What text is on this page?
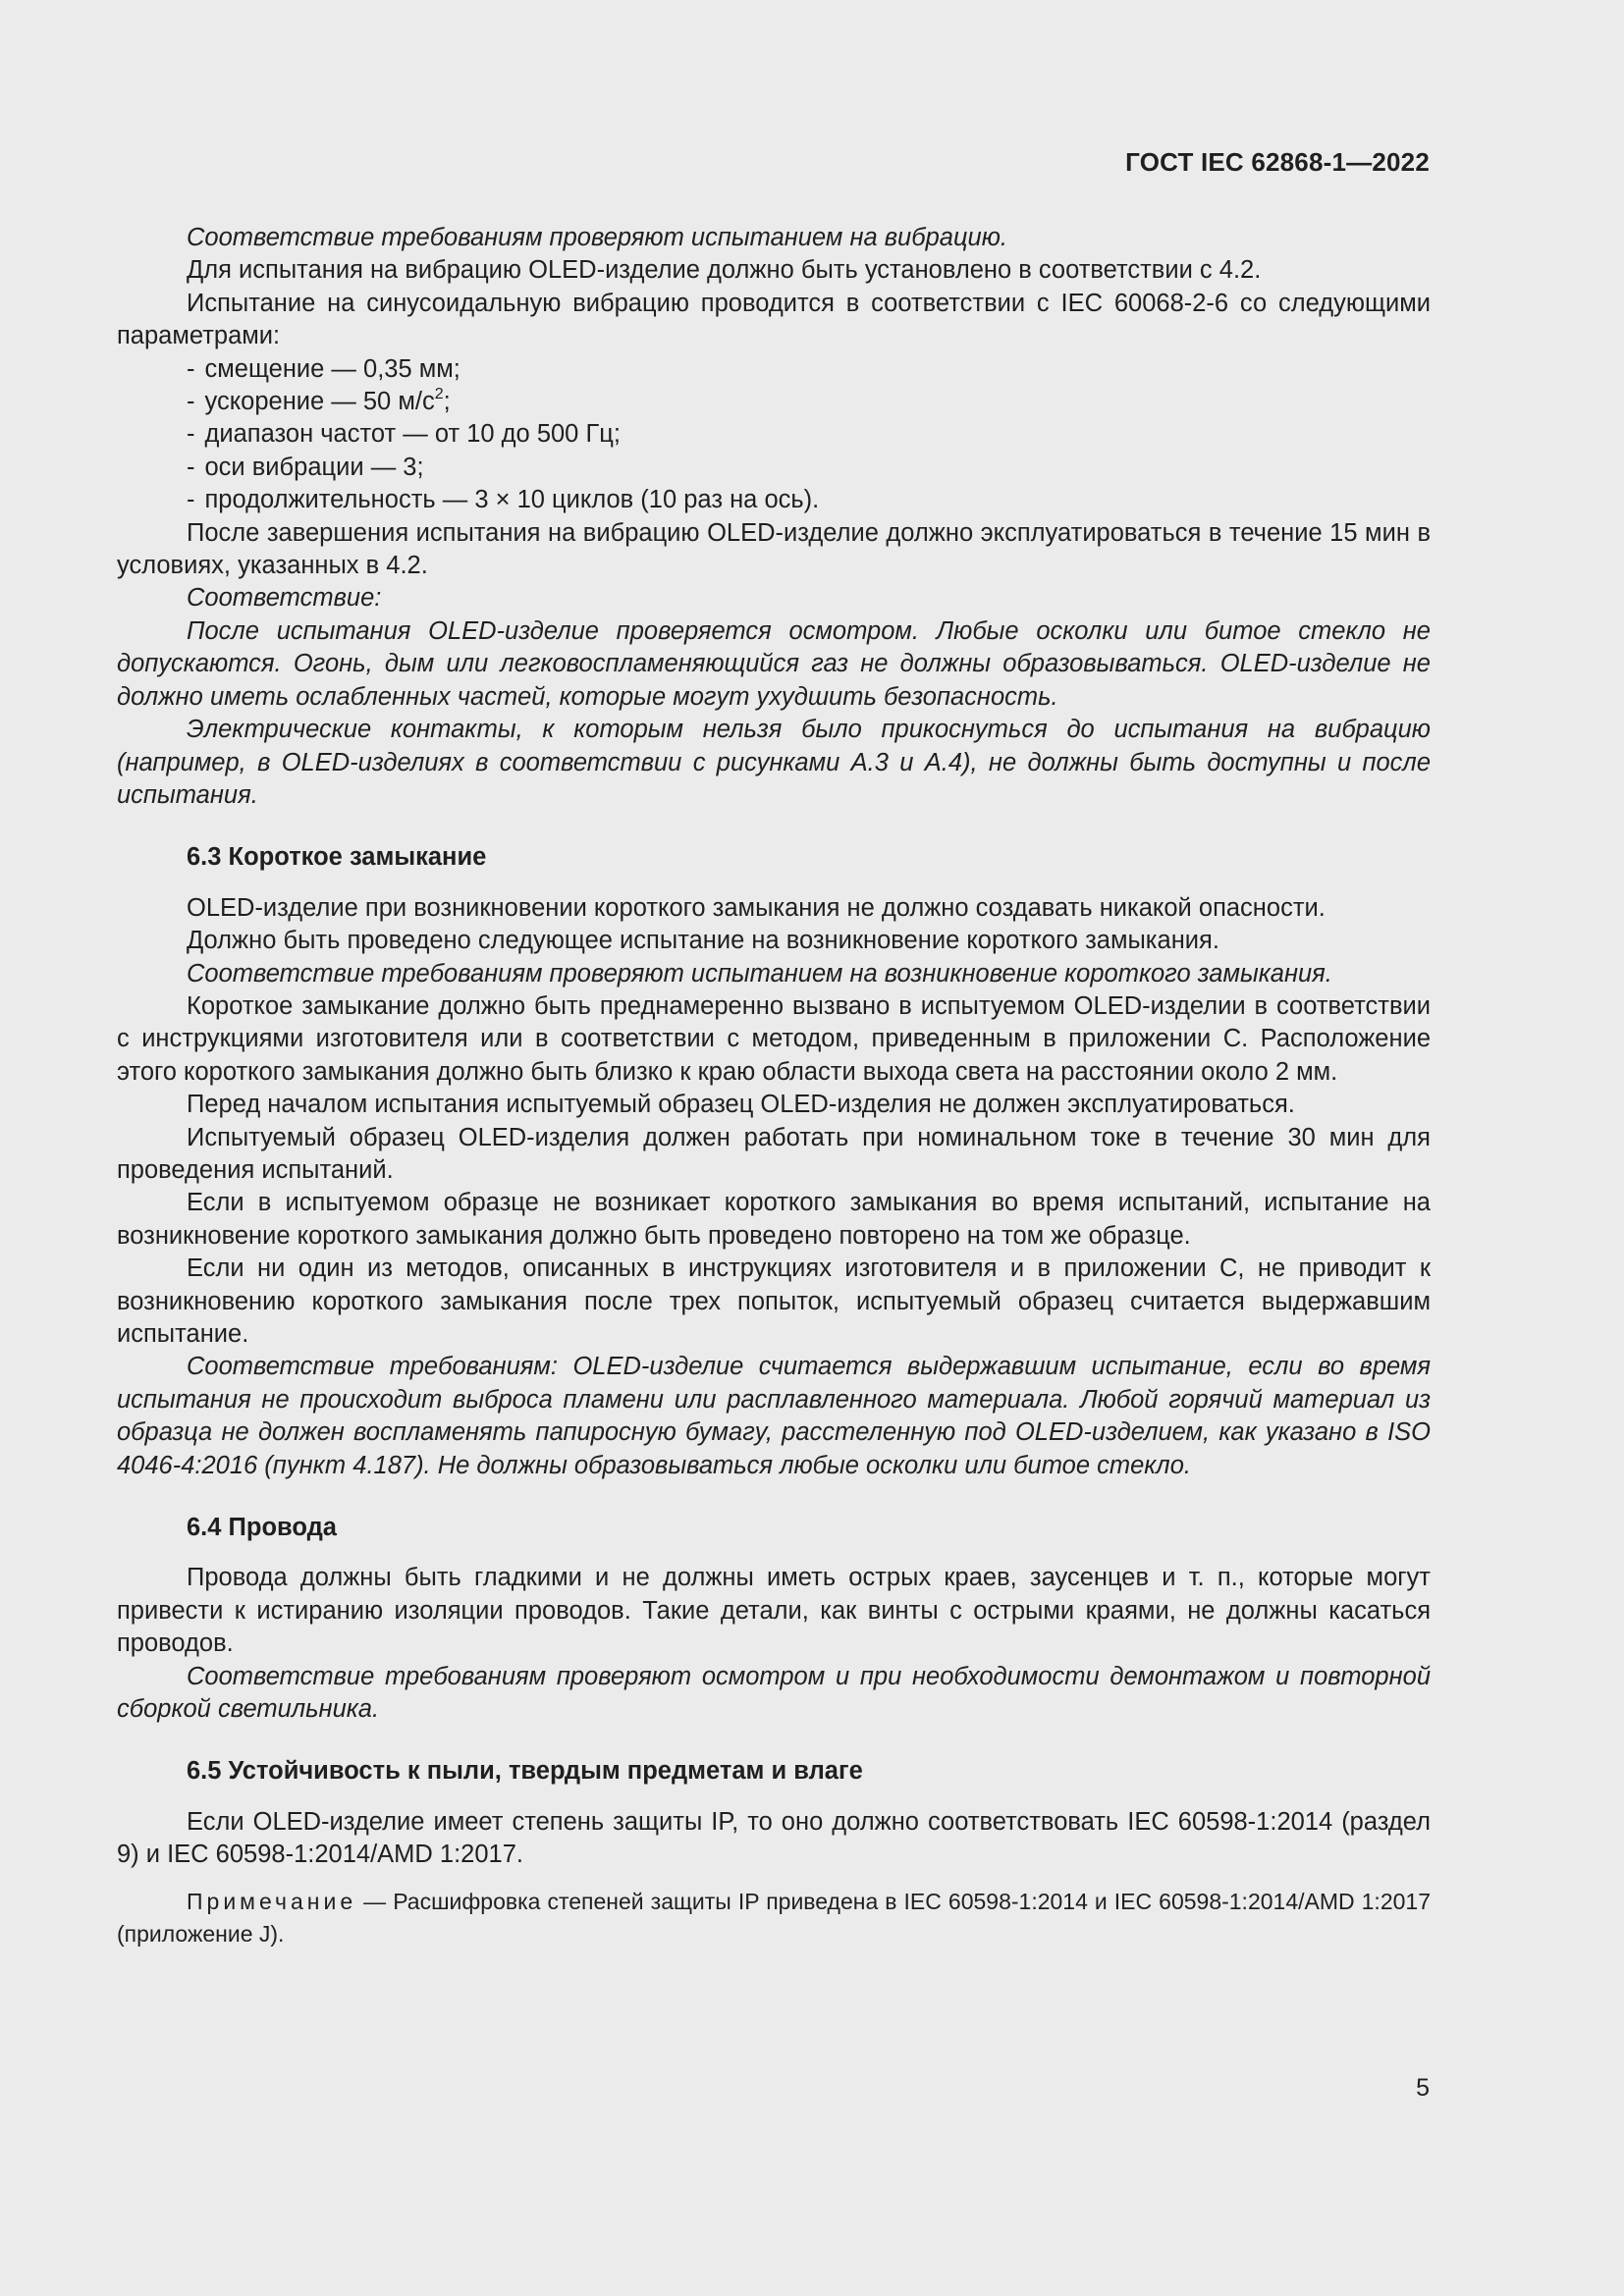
ГОСТ IEC 62868-1—2022

Соответствие требованиям проверяют испытанием на вибрацию.

Для испытания на вибрацию OLED-изделие должно быть установлено в соответствии с 4.2.

Испытание на синусоидальную вибрацию проводится в соответствии с IEC 60068-2-6 со следующими параметрами:

- смещение — 0,35 мм;
- ускорение — 50 $м/с^2$;
- диапазон частот — от 10 до 500 Гц;
- оси вибрации — 3;
- продолжительность — 3 × 10 циклов (10 раз на ось).

После завершения испытания на вибрацию OLED-изделие должно эксплуатироваться в течение 15 мин в условиях, указанных в 4.2.

Соответствие:

После испытания OLED-изделие проверяется осмотром. Любые осколки или битое стекло не допускаются. Огонь, дым или легковоспламеняющийся газ не должны образовываться. OLED-изделие не должно иметь ослабленных частей, которые могут ухудшить безопасность.

Электрические контакты, к которым нельзя было прикоснуться до испытания на вибрацию (например, в OLED-изделиях в соответствии с рисунками А.3 и А.4), не должны быть доступны и после испытания.

6.3 Короткое замыкание

OLED-изделие при возникновении короткого замыкания не должно создавать никакой опасности.

Должно быть проведено следующее испытание на возникновение короткого замыкания.

Соответствие требованиям проверяют испытанием на возникновение короткого замыкания.

Короткое замыкание должно быть преднамеренно вызвано в испытуемом OLED-изделии в соответствии с инструкциями изготовителя или в соответствии с методом, приведенным в приложении С. Расположение этого короткого замыкания должно быть близко к краю области выхода света на расстоянии около 2 мм.

Перед началом испытания испытуемый образец OLED-изделия не должен эксплуатироваться.

Испытуемый образец OLED-изделия должен работать при номинальном токе в течение 30 мин для проведения испытаний.

Если в испытуемом образце не возникает короткого замыкания во время испытаний, испытание на возникновение короткого замыкания должно быть проведено повторено на том же образце.

Если ни один из методов, описанных в инструкциях изготовителя и в приложении С, не приводит к возникновению короткого замыкания после трех попыток, испытуемый образец считается выдержавшим испытание.

Соответствие требованиям: OLED-изделие считается выдержавшим испытание, если во время испытания не происходит выброса пламени или расплавленного материала. Любой горячий материал из образца не должен воспламенять папиросную бумагу, расстеленную под OLED-изделием, как указано в ISO 4046-4:2016 (пункт 4.187). Не должны образовываться любые осколки или битое стекло.

6.4 Провода

Провода должны быть гладкими и не должны иметь острых краев, заусенцев и т. п., которые могут привести к истиранию изоляции проводов. Такие детали, как винты с острыми краями, не должны касаться проводов.

Соответствие требованиям проверяют осмотром и при необходимости демонтажом и повторной сборкой светильника.

6.5 Устойчивость к пыли, твердым предметам и влаге

Если OLED-изделие имеет степень защиты IP, то оно должно соответствовать IEC 60598-1:2014 (раздел 9) и IEC 60598-1:2014/AMD 1:2017.

Примечание — Расшифровка степеней защиты IP приведена в IEC 60598-1:2014 и IEC 60598-1:2014/AMD 1:2017 (приложение J).

5
